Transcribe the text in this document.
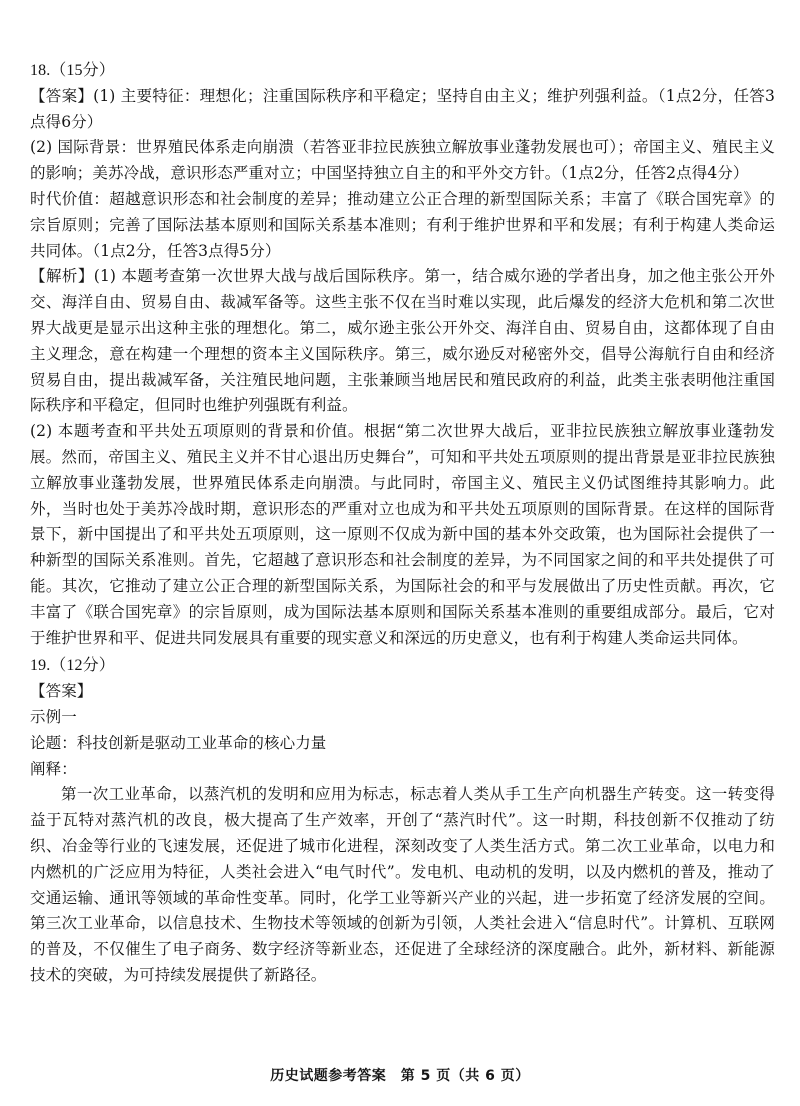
18.（15分）

【答案】(1) 主要特征：理想化；注重国际秩序和平稳定；坚持自由主义；维护列强利益。（1点2分，任答3点得6分）

(2) 国际背景：世界殖民体系走向崩溃（若答亚非拉民族独立解放事业蓬勃发展也可）；帝国主义、殖民主义的影响；美苏冷战，意识形态严重对立；中国坚持独立自主的和平外交方针。（1点2分，任答2点得4分）

时代价值：超越意识形态和社会制度的差异；推动建立公正合理的新型国际关系；丰富了《联合国宪章》的宗旨原则；完善了国际法基本原则和国际关系基本准则；有利于维护世界和平和发展；有利于构建人类命运共同体。（1点2分，任答3点得5分）

【解析】(1) 本题考查第一次世界大战与战后国际秩序。第一，结合威尔逊的学者出身，加之他主张公开外交、海洋自由、贸易自由、裁减军备等。这些主张不仅在当时难以实现，此后爆发的经济大危机和第二次世界大战更是显示出这种主张的理想化。第二，威尔逊主张公开外交、海洋自由、贸易自由，这都体现了自由主义理念，意在构建一个理想的资本主义国际秩序。第三，威尔逊反对秘密外交，倡导公海航行自由和经济贸易自由，提出裁减军备，关注殖民地问题，主张兼顾当地居民和殖民政府的利益，此类主张表明他注重国际秩序和平稳定，但同时也维护列强既有利益。

(2) 本题考查和平共处五项原则的背景和价值。根据“第二次世界大战后，亚非拉民族独立解放事业蓬勃发展。然而，帝国主义、殖民主义并不甘心退出历史舞台”，可知和平共处五项原则的提出背景是亚非拉民族独立解放事业蓬勃发展，世界殖民体系走向崩溃。与此同时，帝国主义、殖民主义仍试图维持其影响力。此外，当时也处于美苏冷战时期，意识形态的严重对立也成为和平共处五项原则的国际背景。在这样的国际背景下，新中国提出了和平共处五项原则，这一原则不仅成为新中国的基本外交政策，也为国际社会提供了一种新型的国际关系准则。首先，它超越了意识形态和社会制度的差异，为不同国家之间的和平共处提供了可能。其次，它推动了建立公正合理的新型国际关系，为国际社会的和平与发展做出了历史性贡献。再次，它丰富了《联合国宪章》的宗旨原则，成为国际法基本原则和国际关系基本准则的重要组成部分。最后，它对于维护世界和平、促进共同发展具有重要的现实意义和深远的历史意义，也有利于构建人类命运共同体。

19.（12分）

【答案】

示例一

论题：科技创新是驱动工业革命的核心力量

阐释：

第一次工业革命，以蒸汽机的发明和应用为标志，标志着人类从手工生产向机器生产转变。这一转变得益于瓦特对蒸汽机的改良，极大提高了生产效率，开创了“蒸汽时代”。这一时期，科技创新不仅推动了纺织、冶金等行业的飞速发展，还促进了城市化进程，深刻改变了人类生活方式。第二次工业革命，以电力和内燃机的广泛应用为特征，人类社会进入“电气时代”。发电机、电动机的发明，以及内燃机的普及，推动了交通运输、通讯等领域的革命性变革。同时，化学工业等新兴产业的兴起，进一步拓宽了经济发展的空间。第三次工业革命，以信息技术、生物技术等领域的创新为引领，人类社会进入“信息时代”。计算机、互联网的普及，不仅催生了电子商务、数字经济等新业态，还促进了全球经济的深度融合。此外，新材料、新能源技术的突破，为可持续发展提供了新路径。

历史试题参考答案　第 5 页（共 6 页）
